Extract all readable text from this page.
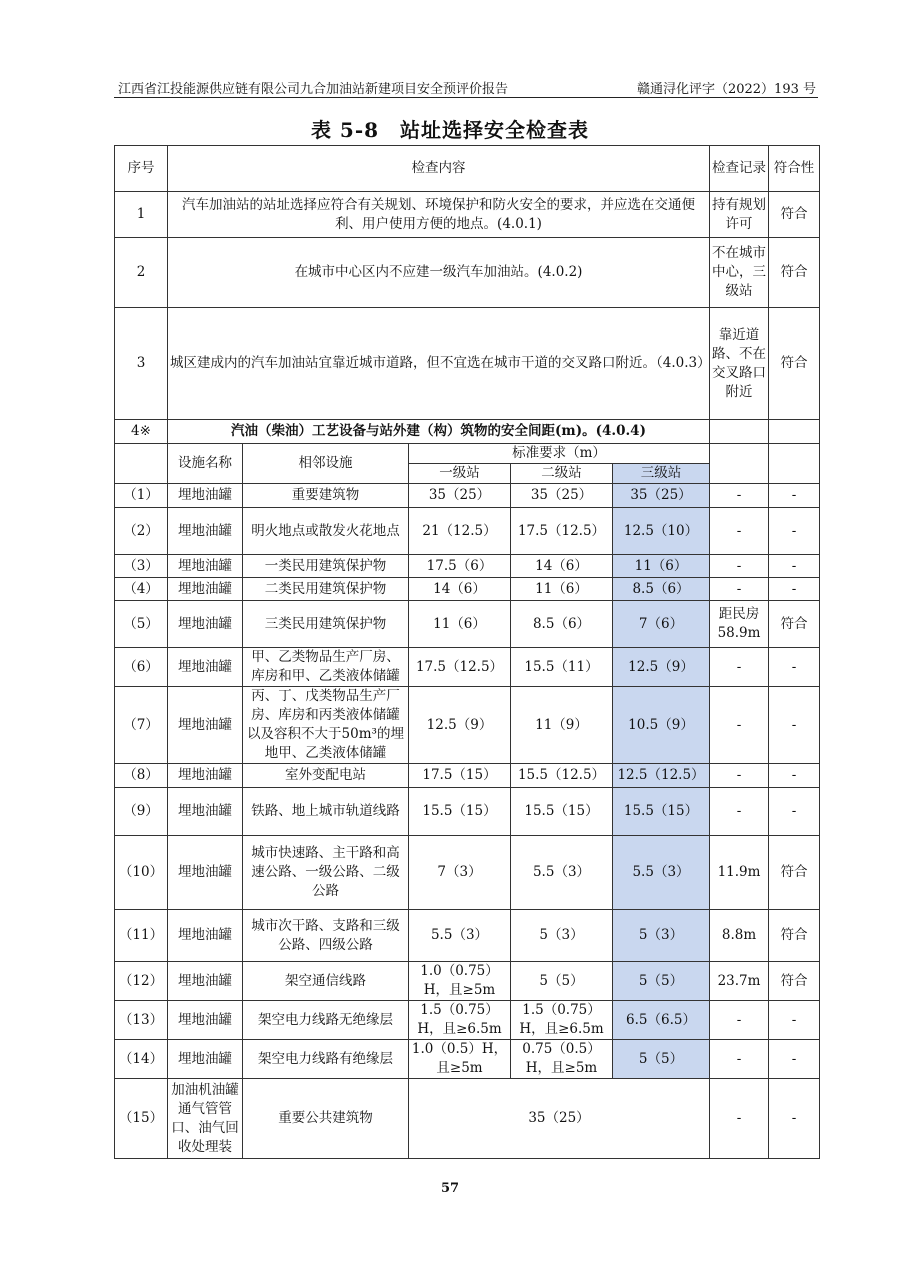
江西省江投能源供应链有限公司九合加油站新建项目安全预评价报告	赣通浔化评字（2022）193 号
表 5-8　站址选择安全检查表
序号	检查内容					检查记录	符合性
1	汽车加油站的站址选择应符合有关规划、环境保护和防火安全的要求，并应选在交通便利、用户使用方便的地点。(4.0.1)					持有规划许可	符合
2	在城市中心区内不应建一级汽车加油站。(4.0.2)					不在城市中心，三级站	符合
3	城区建成内的汽车加油站宜靠近城市道路，但不宜选在城市干道的交叉路口附近。（4.0.3）					靠近道路、不在交叉路口附近	符合
4※	汽油（柴油）工艺设备与站外建（构）筑物的安全间距(m)。(4.0.4)						
	设施名称	相邻设施	标准要求（m）				
			一级站	二级站	三级站		
（1）	埋地油罐	重要建筑物	35（25）	35（25）	35（25）	-	-
（2）	埋地油罐	明火地点或散发火花地点	21（12.5）	17.5（12.5）	12.5（10）	-	-
（3）	埋地油罐	一类民用建筑保护物	17.5（6）	14（6）	11（6）	-	-
（4）	埋地油罐	二类民用建筑保护物	14（6）	11（6）	8.5（6）	-	-
（5）	埋地油罐	三类民用建筑保护物	11（6）	8.5（6）	7（6）	距民房58.9m	符合
（6）	埋地油罐	甲、乙类物品生产厂房、库房和甲、乙类液体储罐	17.5（12.5）	15.5（11）	12.5（9）	-	-
（7）	埋地油罐	丙、丁、戊类物品生产厂房、库房和丙类液体储罐以及容积不大于50m³的埋地甲、乙类液体储罐	12.5（9）	11（9）	10.5（9）	-	-
（8）	埋地油罐	室外变配电站	17.5（15）	15.5（12.5）	12.5（12.5）	-	-
（9）	埋地油罐	铁路、地上城市轨道线路	15.5（15）	15.5（15）	15.5（15）	-	-
（10）	埋地油罐	城市快速路、主干路和高速公路、一级公路、二级公路	7（3）	5.5（3）	5.5（3）	11.9m	符合
（11）	埋地油罐	城市次干路、支路和三级公路、四级公路	5.5（3）	5（3）	5（3）	8.8m	符合
（12）	埋地油罐	架空通信线路	1.0（0.75）H，且≥5m	5（5）	5（5）	23.7m	符合
（13）	埋地油罐	架空电力线路无绝缘层	1.5（0.75）H，且≥6.5m	1.5（0.75）H，且≥6.5m	6.5（6.5）	-	-
（14）	埋地油罐	架空电力线路有绝缘层	1.0（0.5）H，且≥5m	0.75（0.5）H，且≥5m	5（5）	-	-
（15）	加油机油罐通气管管口、油气回收处理装	重要公共建筑物	35（25）			-	-
57
